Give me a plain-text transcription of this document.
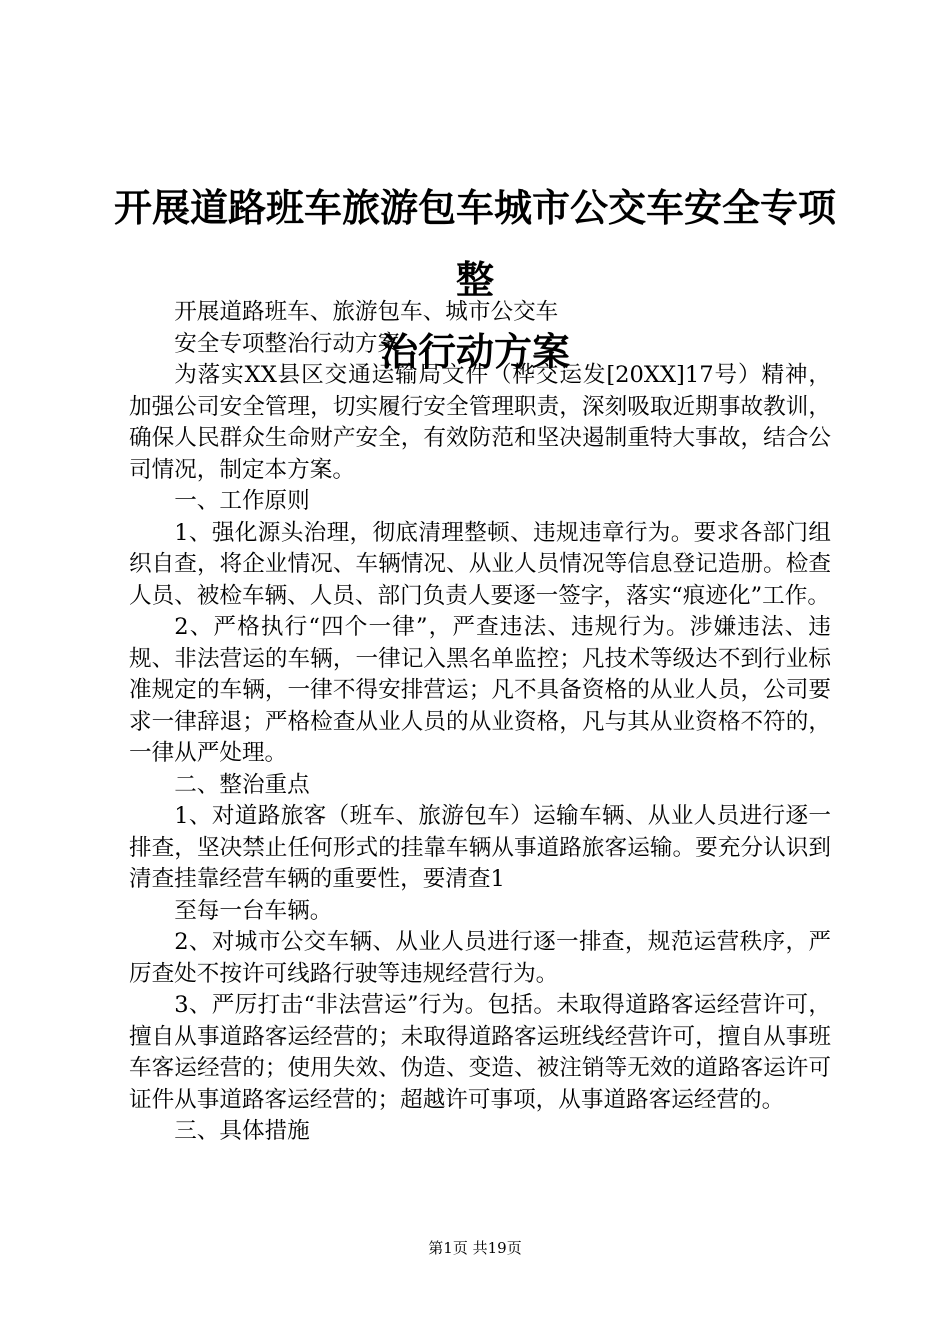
开展道路班车旅游包车城市公交车安全专项整
治行动方案

开展道路班车、旅游包车、城市公交车

安全专项整治行动方案

为落实XX县区交通运输局文件（桦交运发[20XX]17号）精神，加强公司安全管理，切实履行安全管理职责，深刻吸取近期事故教训，确保人民群众生命财产安全，有效防范和坚决遏制重特大事故，结合公司情况，制定本方案。

一、工作原则

1、强化源头治理，彻底清理整顿、违规违章行为。要求各部门组织自查，将企业情况、车辆情况、从业人员情况等信息登记造册。检查人员、被检车辆、人员、部门负责人要逐一签字，落实“痕迹化”工作。

2、严格执行“四个一律”，严查违法、违规行为。涉嫌违法、违规、非法营运的车辆，一律记入黑名单监控；凡技术等级达不到行业标准规定的车辆，一律不得安排营运；凡不具备资格的从业人员，公司要求一律辞退；严格检查从业人员的从业资格，凡与其从业资格不符的，一律从严处理。

二、整治重点

1、对道路旅客（班车、旅游包车）运输车辆、从业人员进行逐一排查，坚决禁止任何形式的挂靠车辆从事道路旅客运输。要充分认识到清查挂靠经营车辆的重要性，要清查1

至每一台车辆。

2、对城市公交车辆、从业人员进行逐一排查，规范运营秩序，严厉查处不按许可线路行驶等违规经营行为。

3、严厉打击“非法营运”行为。包括。未取得道路客运经营许可，擅自从事道路客运经营的；未取得道路客运班线经营许可，擅自从事班车客运经营的；使用失效、伪造、变造、被注销等无效的道路客运许可证件从事道路客运经营的；超越许可事项，从事道路客运经营的。

三、具体措施

第1页 共19页
